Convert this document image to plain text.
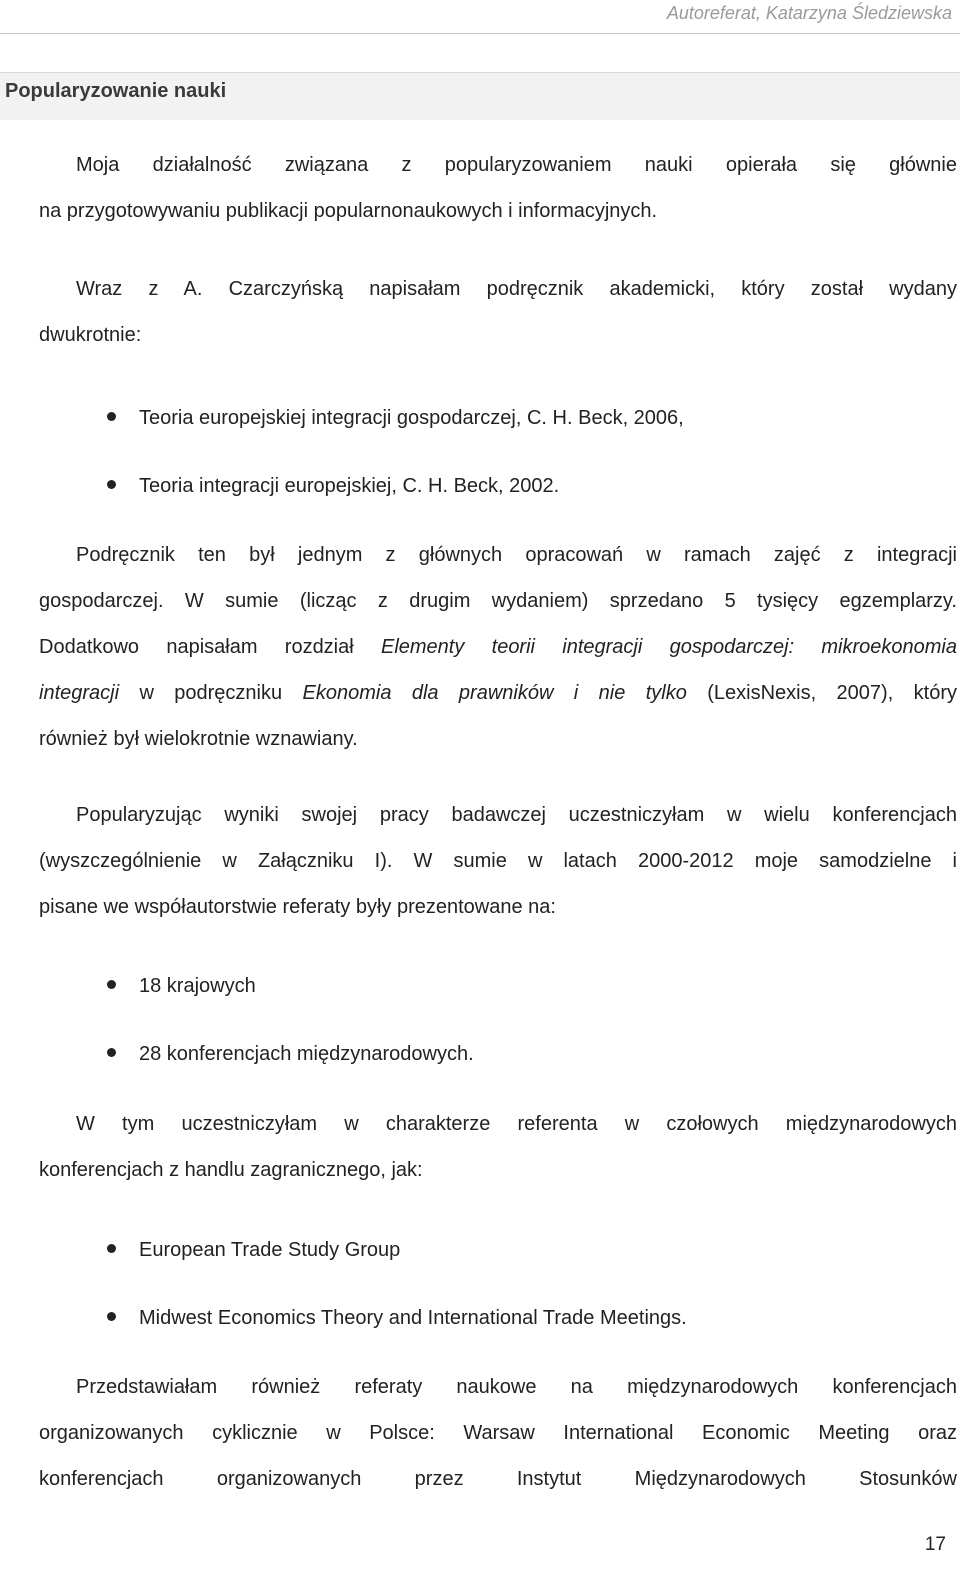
Autoreferat, Katarzyna Śledziewska
Popularyzowanie nauki
Moja działalność związana z popularyzowaniem nauki opierała się głównie
na przygotowywaniu publikacji popularnonaukowych i informacyjnych.
Wraz z A. Czarczyńską napisałam podręcznik akademicki, który został wydany
dwukrotnie:
Teoria europejskiej integracji gospodarczej, C. H. Beck, 2006,
Teoria integracji europejskiej, C. H. Beck, 2002.
Podręcznik ten był jednym z głównych opracowań w ramach zajęć z integracji
gospodarczej. W sumie (licząc z drugim wydaniem) sprzedano 5 tysięcy egzemplarzy.
Dodatkowo napisałam rozdział Elementy teorii integracji gospodarczej: mikroekonomia
integracji w podręczniku Ekonomia dla prawników i nie tylko (LexisNexis, 2007), który
również był wielokrotnie wznawiany.
Popularyzując wyniki swojej pracy badawczej uczestniczyłam w wielu konferencjach
(wyszczególnienie w Załączniku I). W sumie w latach 2000-2012 moje samodzielne i
pisane we współautorstwie referaty były prezentowane na:
18 krajowych
28 konferencjach międzynarodowych.
W tym uczestniczyłam w charakterze referenta w czołowych międzynarodowych
konferencjach z handlu zagranicznego, jak:
European Trade Study Group
Midwest Economics Theory and International Trade Meetings.
Przedstawiałam również referaty naukowe na międzynarodowych konferencjach
organizowanych cyklicznie w Polsce: Warsaw International Economic Meeting oraz
konferencjach organizowanych przez Instytut Międzynarodowych Stosunków
17
